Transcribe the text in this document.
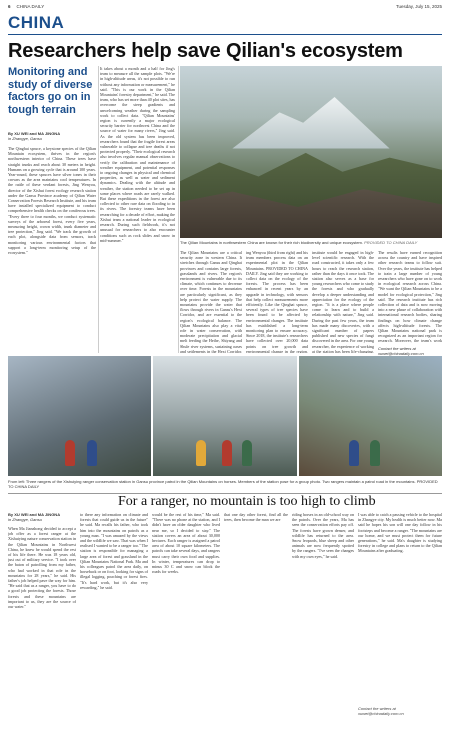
6 CHINA DAILY	Tuesday, July 15, 2025
CHINA
Researchers help save Qilian's ecosystem
Monitoring and study of diverse factors go on in tough terrain
By XU WEI and MA JINGNA
in Zhangye, Gansu
The Qinghai spruce, a keystone species of the Qilian Mountain ecosystem, thrives in the region's northwestern interior of China. These trees have straight trunks and reach about 30 meters in height. Humans on a growing cycle that is around 100 years. Year-round, these spruces have silver tones in their crowns as the area maintains cool temperatures. In the rattle of these verdant forests, Jing Wenyou, director of the Xishui forest ecology research station under the Gansu Province academy of Qilian Water Conservation Forests Research Institute, and his team have installed specialized equipment to conduct comprehensive health checks on the coniferous trees. "Every three to four months, we conduct systematic surveys of the arboreal forest, every five years, measuring height, crown width, trunk diameter and tree protection," Jing said. "We track the growth of each plot, alongside data from sensors, track monitoring various environmental factors that support a long-term monitoring setup of the ecosystem."
It takes about a month and a half for Jing's team to measure all the sample plots. "We're in high-altitude areas, it's not possible to run without any information or measurement," he said. "This is our work in the Qilian Mountains' forestry department," he said. The team, who has set more than 40 plot sites, has overcome the steep gradients and unwelcoming weather during the sampling work to collect data. "Qilian Mountains' region is currently a major ecological security barrier for northwest China and the source of water for many rivers," Jing said. As the old system has been improved, researchers found that the fragile forest areas vulnerable to collapse and tree deaths if not protected properly. "Their ecological research also involves regular manual observations to verify the calibration and maintenance of weather equipment, and potential responses to ongoing changes in physical and chemical properties, as well as water and sediment dynamics. Dealing with the altitude and weather, the station needed to be set up in some places where roads are rarely walked. But these expeditions in the forest are also collected to other rare data on flooding to in its rivers. The forestry teams have been researching for a decade of effort, making the Xishui team a national leader in ecological research. During such fieldwork, it's not unusual for researchers to also encounter conditions such as rock slides and snow in mid-summer."	The Qilian Mountains in northwestern China are known for their rich biodiversity and unique ecosystem. PROVIDED TO CHINA DAILY
The Qilian Mountains are a critical security zone in western China. It stretches through Gansu and Qinghai provinces and contains large forests, grasslands and rivers. The region's environment is vulnerable due to its climate, which continues to decrease over time. Forests in the mountains are particularly significant, as they help protect the water supply. The mountains provide the water that flows through rivers in Gansu's Hexi Corridor, and are essential to the region's ecological balance. The Qilian Mountains also play a vital role in water conservation, with moderate precipitation and glacial melt feeding the Heihe, Shiyang and Shule river systems, sustaining oases and settlements in the Hexi Corridor.
ing Wenyou (third from right) and his team members process data on an experimental plot in the Qilian Mountains. PROVIDED TO CHINA DAILY. Jing said they are working to collect data on the ecology of the forests. The process has been enhanced in recent years by an upgrade in technology, with sensors that help collect measurements more efficiently. Like the Qinghai spruce, several types of tree species have been found to be affected by environmental changes. The institute has established a long-term monitoring plan to ensure accuracy. Since 2018, the institute's researchers have collected over 20,000 data points on tree growth and environmental change in the region.
institute would be engaged in high-level scientific research. With the road constructed, it takes only a few hours to reach the research station, rather than the days it once took. The station also serves as a base for young researchers who come to study the forests and who gradually develop a deeper understanding and appreciation for the ecology of the region. "It is a place where people come to learn and to build a relationship with nature," Jing said. During the past few years, the team has made many discoveries, with a significant number of papers published and new species of fungi discovered in the area. For one young researcher, the experience of working at the station has been life-changing.
The results have earned recognition across the country and have inspired other research teams to follow suit. Over the years, the institute has helped to train a large number of young researchers who have gone on to work in ecological research across China. "We want the Qilian Mountains to be a model for ecological protection," Jing said. The research institute has rich collection of data and is now moving into a new phase of collaboration with international research bodies, sharing findings on how climate change affects high-altitude forests. The Qilian Mountains national park is recognized as an important region for research. Moreover, the team's work
Contact the writers at xuwei@chinadaily.com.cn
From left: Three rangers of the Xishuiying ranger conservation station in Gansu province patrol in the Qilian Mountains on horses. Members of the station pose for a group photo. Two rangers maintain a patrol road in the mountains. PROVIDED TO CHINA DAILY
For a ranger, no mountain is too high to climb
By XU WEI and MA JINGNA
in Zhangye, Gansu
When Ma Jianzhong decided to accept a job offer as a forest ranger at the Xishuiying nature conservation station in the Qilian Mountains in Northwest China, he knew he would spend the rest of his life there. He was 18 years old, just out of military service. "I took over the baton of patrolling from my father, who had worked in that role in the mountains for 28 years," he said. His father's job helped pave the way for him. "He said that as a ranger, you have to do a good job protecting the forests. Those forests and these mountains are important to us, they are the source of our water."
to there any information on climate and forests that could guide us in the future" he said. Ma recalls his father, who took him into the mountains on patrols as a young man. "I was amazed by the views and the wildlife we saw. That was when I realised I wanted to be a ranger too." The station is responsible for managing a large area of forest and grassland in the Qilian Mountains National Park. Ma and his colleagues patrol the area daily, on horseback or on foot, looking for signs of illegal logging, poaching or forest fires. "It's hard work, but it's also very rewarding," he said.
would be the rest of his time," Ma said. "There was no phone at the station, and I didn't have an older daughter who lived near me, so I decided to stay." The station covers an area of about 30,000 hectares. Each ranger is assigned a patrol area of about 10 square kilometers. The patrols can take several days, and rangers must carry their own food and supplies. In winter, temperatures can drop to minus 30 C and snow can block the roads for weeks.
that one day other forest, find all the trees, then become the man we are
riding horses in an old-school way on the patrols. Over the years, Ma has seen the conservation efforts pay off. The forests have grown denser, and wildlife has returned to the area. Snow leopards, blue sheep and other animals are now frequently spotted by the rangers. "I've seen the changes with my own eyes," he said.
I was able to catch a passing vehicle to the hospital in Zhangye city. My health is much better now. Ma said he hopes his son will one day follow in his footsteps and become a ranger. "The mountains are our home, and we must protect them for future generations," he said. Ma's daughter is studying forestry in college and plans to return to the Qilian Mountains after graduating.
Contact the writers at xuwei@chinadaily.com.cn
